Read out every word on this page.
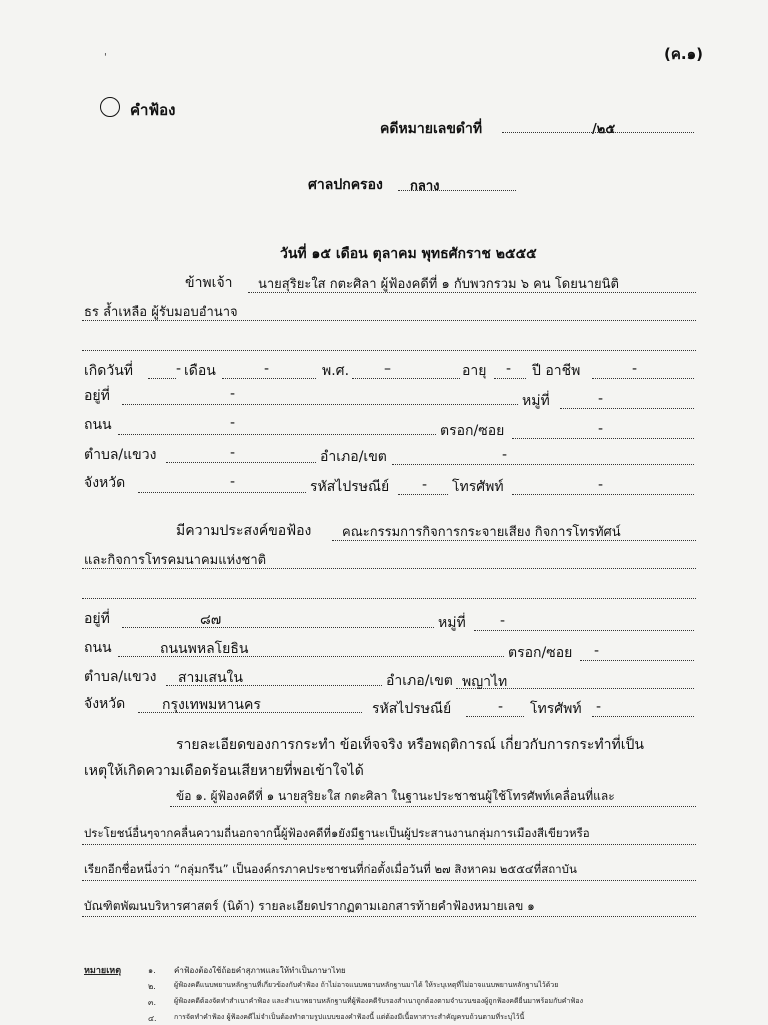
(ค.๑)
'
คำฟ้อง
คดีหมายเลขดำที่	/๒๕
ศาลปกครอง กลาง
วันที่ ๑๕ เดือน ตุลาคม พุทธศักราช ๒๕๕๕
ข้าพเจ้า นายสุริยะใส กตะศิลา ผู้ฟ้องคดีที่ ๑ กับพวกรวม ๖ คน โดยนายนิติ
ธร ล้ำเหลือ ผู้รับมอบอำนาจ
เกิดวันที่	- เดือน	-	พ.ศ. –	อายุ - ปี อาชีพ	-
อยู่ที่	-	หมู่ที่	-
ถนน	-	ตรอก/ซอย	-
ตำบล/แขวง	-	อำเภอ/เขต	-
จังหวัด	-	รหัสไปรษณีย์ - โทรศัพท์	-
มีความประสงค์ขอฟ้อง คณะกรรมการกิจการกระจายเสียง กิจการโทรทัศน์
และกิจการโทรคมนาคมแห่งชาติ
อยู่ที่	๘๗	หมู่ที่ -
ถนน	ถนนพหลโยธิน	ตรอก/ซอย -
ตำบล/แขวง สามเสนใน	อำเภอ/เขต พญาไท
จังหวัด	กรุงเทพมหานคร	รหัสไปรษณีย์	- โทรศัพท์ -
รายละเอียดของการกระทำ ข้อเท็จจริง หรือพฤติการณ์ เกี่ยวกับการกระทำที่เป็น
เหตุให้เกิดความเดือดร้อนเสียหายที่พอเข้าใจได้
ข้อ ๑. ผู้ฟ้องคดีที่ ๑ นายสุริยะใส กตะศิลา ในฐานะประชาชนผู้ใช้โทรศัพท์เคลื่อนที่และ
ประโยชน์อื่นๆจากคลื่นความถี่นอกจากนี้ผู้ฟ้องคดีที่๑ยังมีฐานะเป็นผู้ประสานงานกลุ่มการเมืองสีเขียวหรือ
เรียกอีกชื่อหนึ่งว่า “กลุ่มกรีน” เป็นองค์กรภาคประชาชนที่ก่อตั้งเมื่อวันที่ ๒๗ สิงหาคม ๒๕๕๔ที่สถาบัน
บัณฑิตพัฒนบริหารศาสตร์ (นิด้า) รายละเอียดปรากฏตามเอกสารท้ายคำฟ้องหมายเลข ๑
หมายเหตุ	๑. คำฟ้องต้องใช้ถ้อยคำสุภาพและให้ทำเป็นภาษาไทย
๒.	ผู้ฟ้องคดีแนบพยานหลักฐานที่เกี่ยวข้องกับคำฟ้อง ถ้าไม่อาจแนบพยานหลักฐานมาได้ ให้ระบุเหตุที่ไม่อาจแนบพยานหลักฐานไว้ด้วย
๓.	ผู้ฟ้องคดีต้องจัดทำสำเนาคำฟ้อง และสำเนาพยานหลักฐานที่ผู้ฟ้องคดีรับรองสำเนาถูกต้องตามจำนวนของผู้ถูกฟ้องคดียื่นมาพร้อมกับคำฟ้อง
๔. การจัดทำคำฟ้อง ผู้ฟ้องคดีไม่จำเป็นต้องทำตามรูปแบบของคำฟ้องนี้ แต่ต้องมีเนื้อหาสาระสำคัญครบถ้วนตามที่ระบุไว้นี้
